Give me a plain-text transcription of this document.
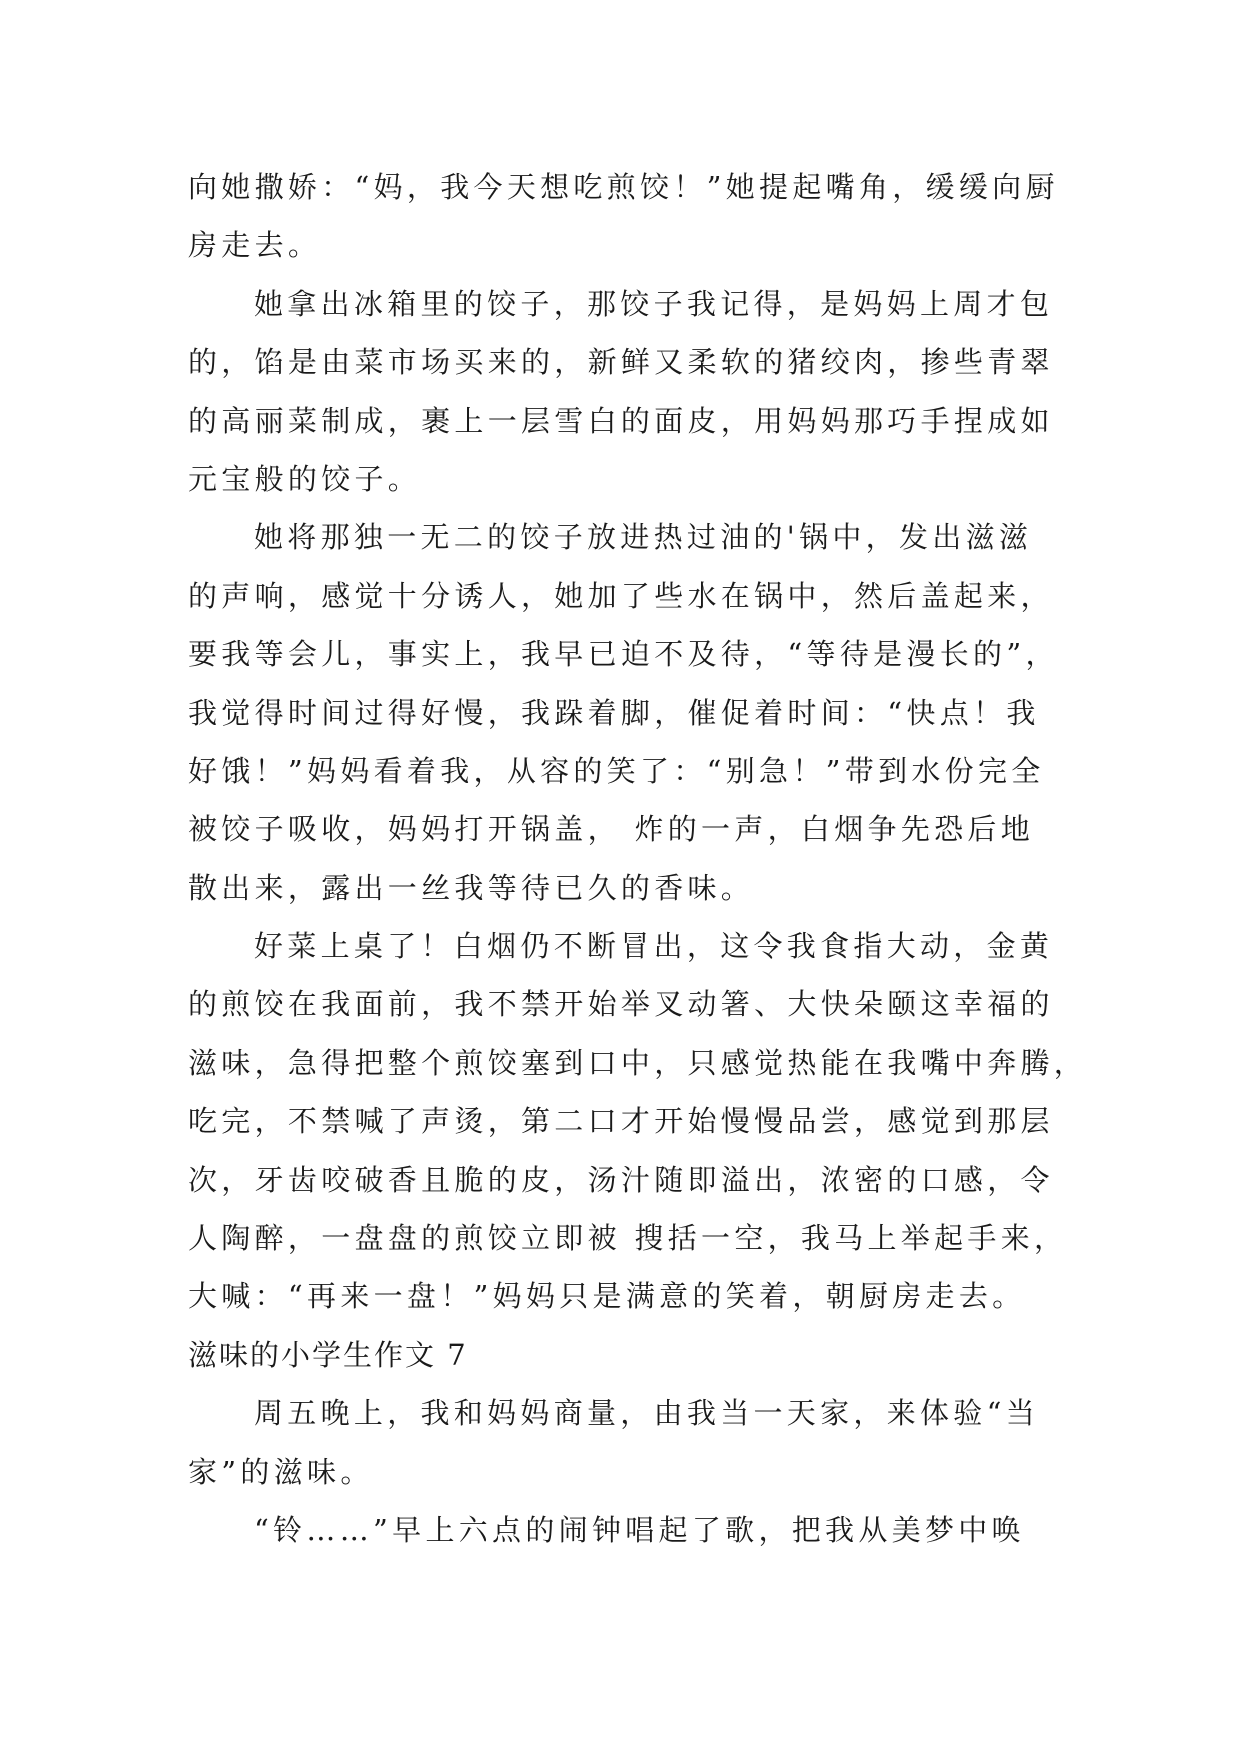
向她撒娇：“妈，我今天想吃煎饺！”她提起嘴角，缓缓向厨
房走去。
她拿出冰箱里的饺子，那饺子我记得，是妈妈上周才包
的，馅是由菜市场买来的，新鲜又柔软的猪绞肉，掺些青翠
的高丽菜制成，裹上一层雪白的面皮，用妈妈那巧手捏成如
元宝般的饺子。
她将那独一无二的饺子放进热过油的'锅中，发出滋滋
的声响，感觉十分诱人，她加了些水在锅中，然后盖起来，
要我等会儿，事实上，我早已迫不及待，“等待是漫长的”，
我觉得时间过得好慢，我跺着脚，催促着时间：“快点！我
好饿！”妈妈看着我，从容的笑了：“别急！”带到水份完全
被饺子吸收，妈妈打开锅盖， 炸的一声，白烟争先恐后地
散出来，露出一丝我等待已久的香味。
好菜上桌了！白烟仍不断冒出，这令我食指大动，金黄
的煎饺在我面前，我不禁开始举叉动箸、大快朵颐这幸福的
滋味，急得把整个煎饺塞到口中，只感觉热能在我嘴中奔腾，
吃完，不禁喊了声烫，第二口才开始慢慢品尝，感觉到那层
次，牙齿咬破香且脆的皮，汤汁随即溢出，浓密的口感，令
人陶醉，一盘盘的煎饺立即被 搜括一空，我马上举起手来，
大喊：“再来一盘！”妈妈只是满意的笑着，朝厨房走去。
滋味的小学生作文 7
周五晚上，我和妈妈商量，由我当一天家，来体验“当
家”的滋味。
“铃……”早上六点的闹钟唱起了歌，把我从美梦中唤
